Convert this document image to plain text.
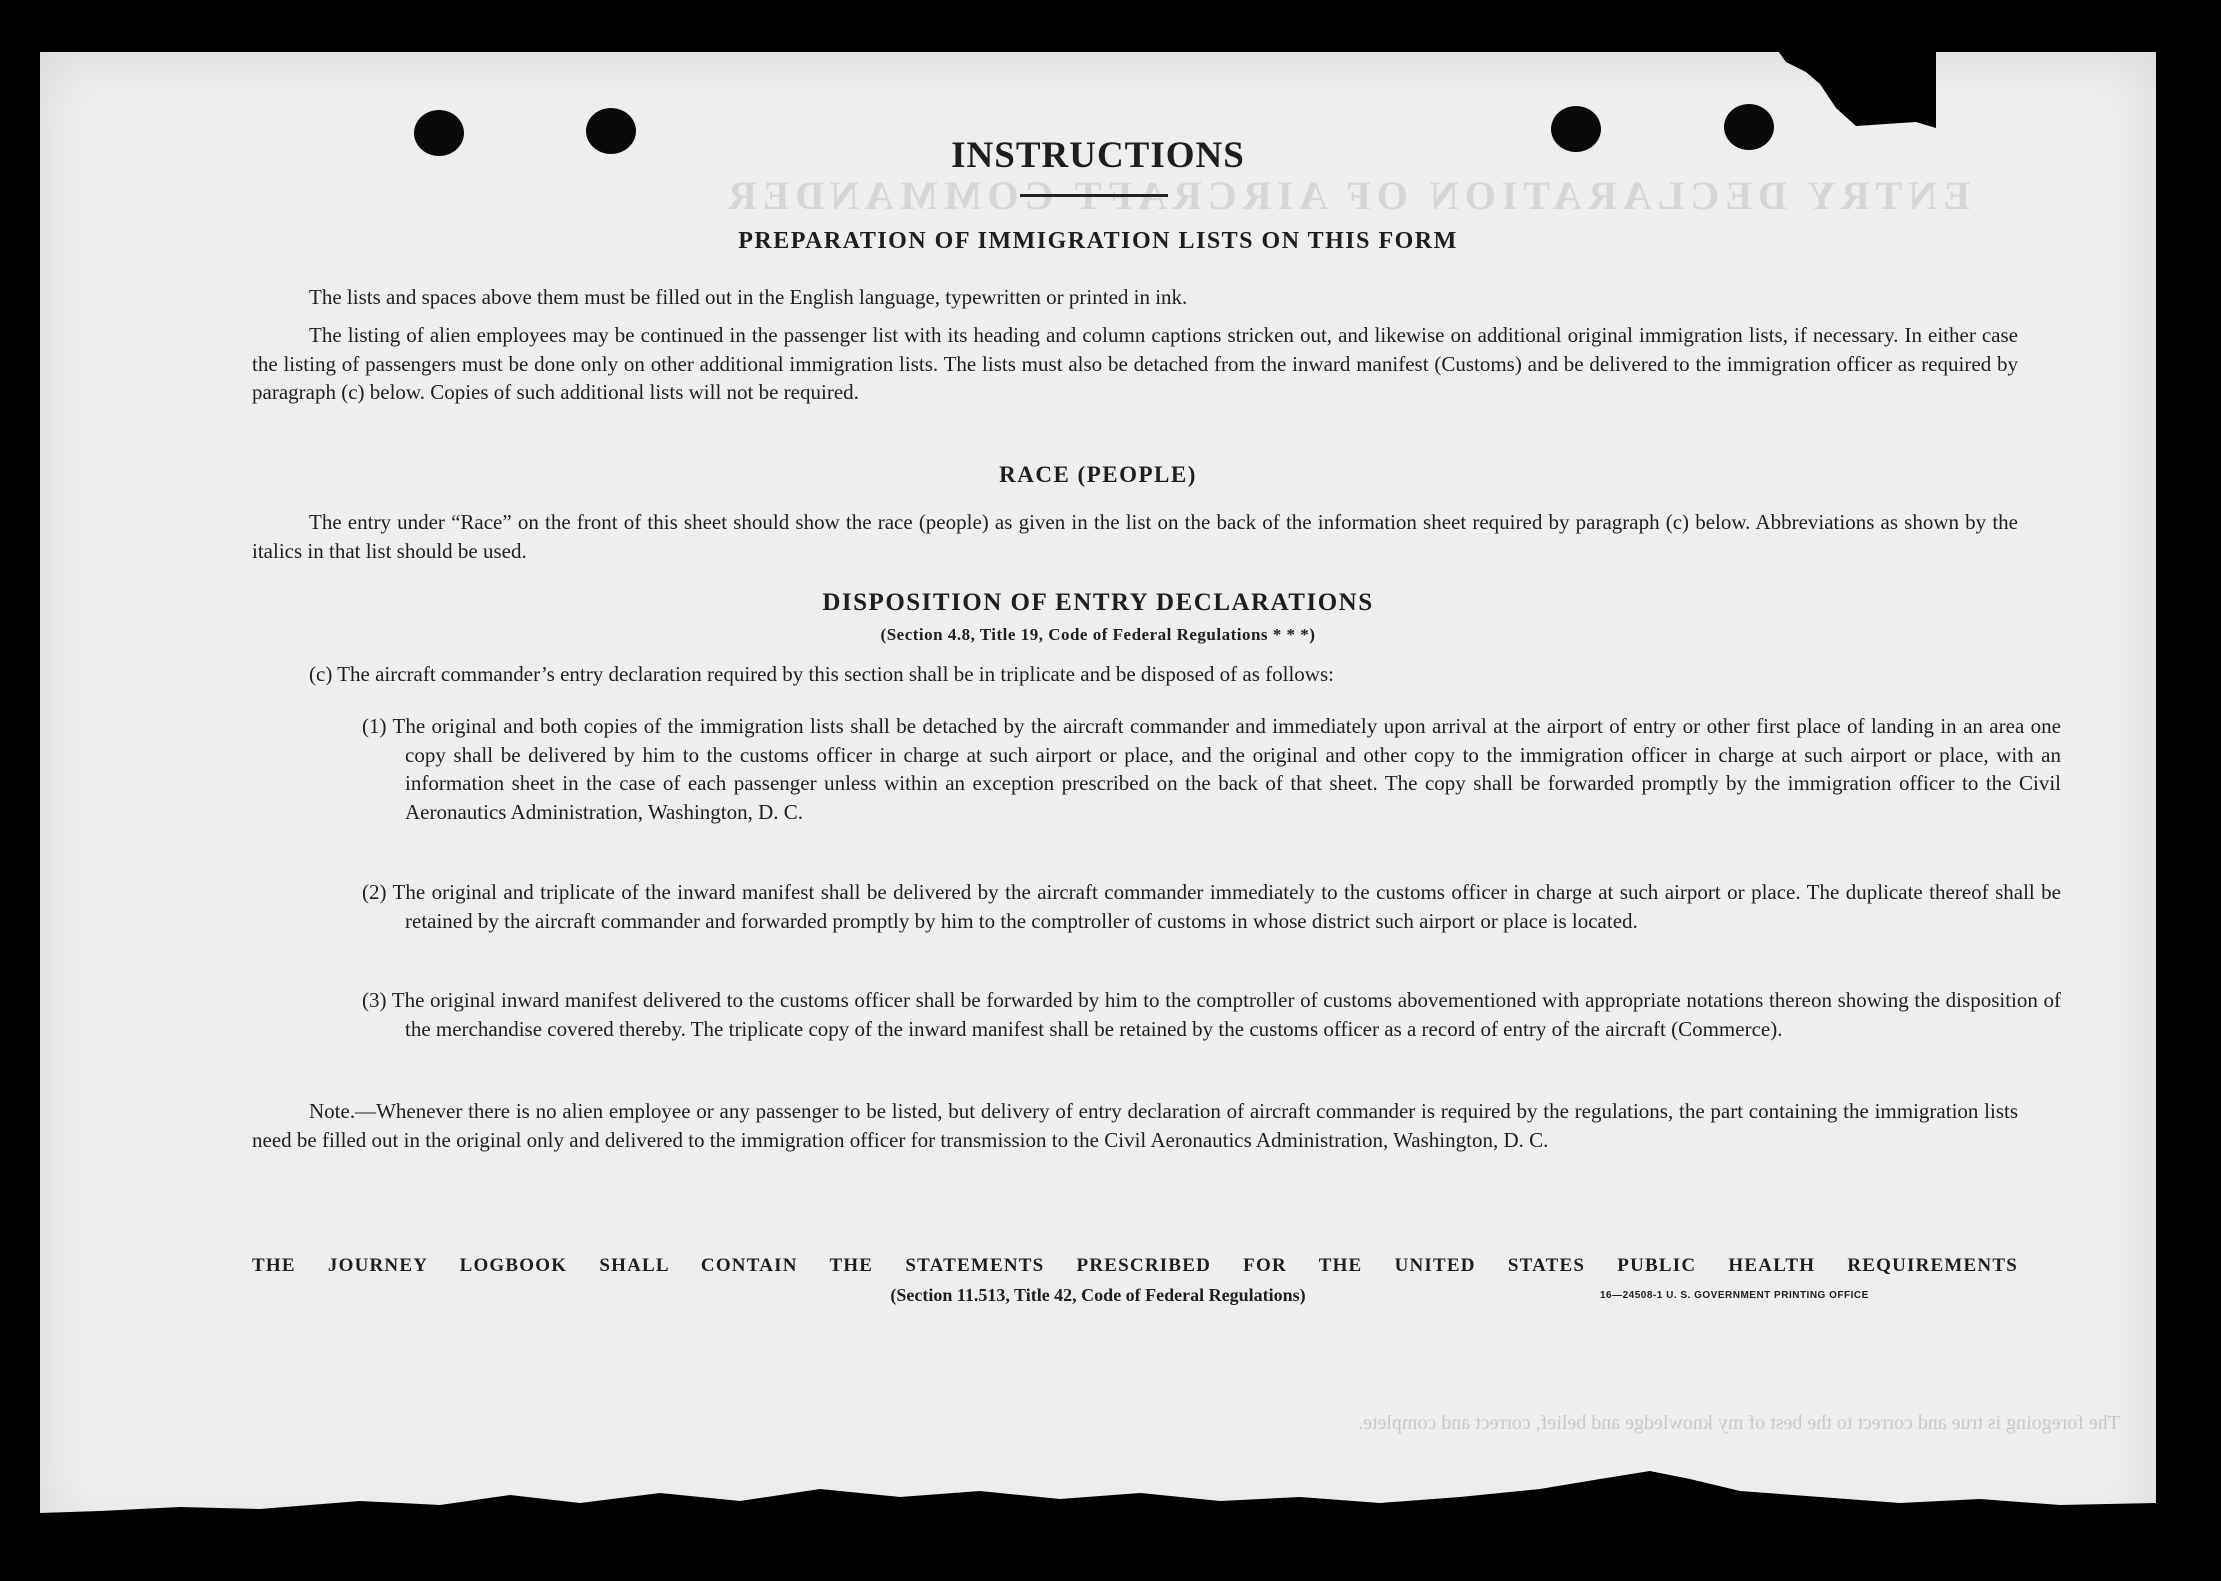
ENTRY DECLARATION OF AIRCRAFT COMMANDER
The foregoing is true and correct to the best of my knowledge and belief, correct and complete.
INSTRUCTIONS
PREPARATION OF IMMIGRATION LISTS ON THIS FORM
The lists and spaces above them must be filled out in the English language, typewritten or printed in ink.
The listing of alien employees may be continued in the passenger list with its heading and column captions stricken out, and likewise on additional original immigration lists, if necessary. In either case the listing of passengers must be done only on other additional immigration lists. The lists must also be detached from the inward manifest (Customs) and be delivered to the immigration officer as required by paragraph (c) below. Copies of such additional lists will not be required.
RACE (PEOPLE)
The entry under “Race” on the front of this sheet should show the race (people) as given in the list on the back of the information sheet required by paragraph (c) below. Abbreviations as shown by the italics in that list should be used.
DISPOSITION OF ENTRY DECLARATIONS
(Section 4.8, Title 19, Code of Federal Regulations * * *)
(c) The aircraft commander’s entry declaration required by this section shall be in triplicate and be disposed of as follows:
(1) The original and both copies of the immigration lists shall be detached by the aircraft commander and immediately upon arrival at the airport of entry or other first place of landing in an area one copy shall be delivered by him to the customs officer in charge at such airport or place, and the original and other copy to the immigration officer in charge at such airport or place, with an information sheet in the case of each passenger unless within an exception prescribed on the back of that sheet. The copy shall be forwarded promptly by the immigration officer to the Civil Aeronautics Administration, Washington, D. C.
(2) The original and triplicate of the inward manifest shall be delivered by the aircraft commander immediately to the customs officer in charge at such airport or place. The duplicate thereof shall be retained by the aircraft commander and forwarded promptly by him to the comptroller of customs in whose district such airport or place is located.
(3) The original inward manifest delivered to the customs officer shall be forwarded by him to the comptroller of customs abovementioned with appropriate notations thereon showing the disposition of the merchandise covered thereby. The triplicate copy of the inward manifest shall be retained by the customs officer as a record of entry of the aircraft (Commerce).
Note.—Whenever there is no alien employee or any passenger to be listed, but delivery of entry declaration of aircraft commander is required by the regulations, the part containing the immigration lists need be filled out in the original only and delivered to the immigration officer for transmission to the Civil Aeronautics Administration, Washington, D. C.
THE JOURNEY LOGBOOK SHALL CONTAIN THE STATEMENTS PRESCRIBED FOR THE UNITED STATES PUBLIC HEALTH REQUIREMENTS
(Section 11.513, Title 42, Code of Federal Regulations)	16—24508-1 U. S. GOVERNMENT PRINTING OFFICE
